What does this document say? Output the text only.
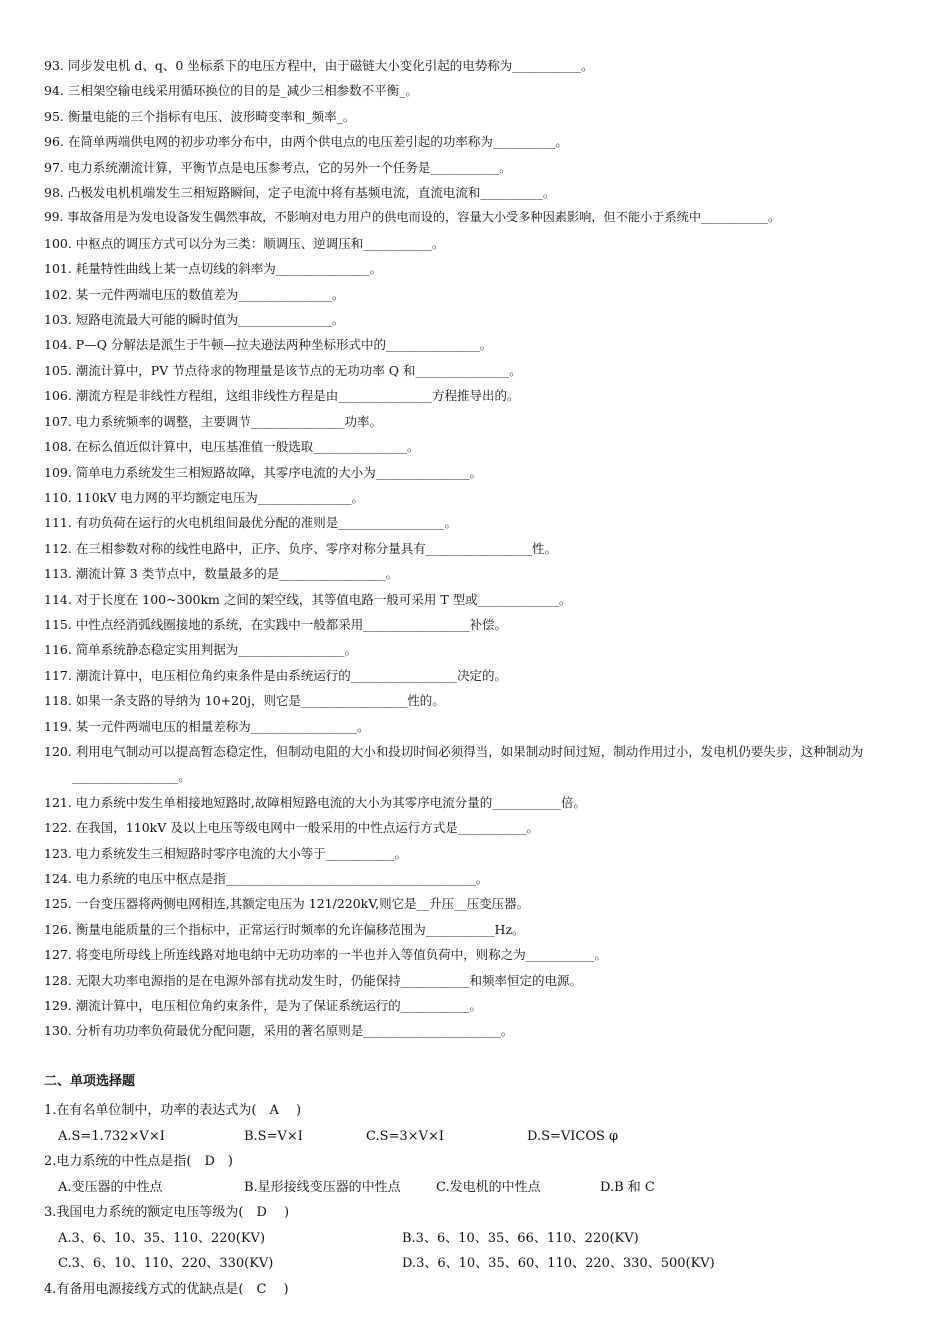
93. 同步发电机 d、q、0 坐标系下的电压方程中，由于磁链大小变化引起的电势称为___________。
94. 三相架空输电线采用循环换位的目的是_减少三相参数不平衡_。
95. 衡量电能的三个指标有电压、波形畸变率和_频率_。
96. 在简单两端供电网的初步功率分布中，由两个供电点的电压差引起的功率称为__________。
97. 电力系统潮流计算，平衡节点是电压参考点，它的另外一个任务是___________。
98. 凸极发电机机端发生三相短路瞬间，定子电流中将有基频电流，直流电流和__________。
99. 事故备用是为发电设备发生偶然事故，不影响对电力用户的供电而设的，容量大小受多种因素影响，但不能小于系统中___________。
100. 中枢点的调压方式可以分为三类：顺调压、逆调压和___________。
101. 耗量特性曲线上某一点切线的斜率为_______________。
102. 某一元件两端电压的数值差为_______________。
103. 短路电流最大可能的瞬时值为_______________。
104. P—Q 分解法是派生于牛顿—拉夫逊法两种坐标形式中的_______________。
105. 潮流计算中，PV 节点待求的物理量是该节点的无功功率 Q 和_______________。
106. 潮流方程是非线性方程组，这组非线性方程是由_______________方程推导出的。
107. 电力系统频率的调整，主要调节_______________功率。
108. 在标么值近似计算中，电压基准值一般选取_______________。
109. 简单电力系统发生三相短路故障，其零序电流的大小为_______________。
110. 110kV 电力网的平均额定电压为_______________。
111. 有功负荷在运行的火电机组间最优分配的准则是_________________。
112. 在三相参数对称的线性电路中，正序、负序、零序对称分量具有_________________性。
113. 潮流计算 3 类节点中，数量最多的是_________________。
114. 对于长度在 100~300km 之间的架空线，其等值电路一般可采用 T 型或_____________。
115. 中性点经消弧线圈接地的系统，在实践中一般都采用_________________补偿。
116. 简单系统静态稳定实用判据为_________________。
117. 潮流计算中，电压相位角约束条件是由系统运行的_________________决定的。
118. 如果一条支路的导纳为 10+20j，则它是_________________性的。
119. 某一元件两端电压的相量差称为_________________。
120. 利用电气制动可以提高暂态稳定性，但制动电阻的大小和投切时间必须得当，如果制动时间过短，制动作用过小，发电机仍要失步，这种制动为_________________。
121. 电力系统中发生单相接地短路时,故障相短路电流的大小为其零序电流分量的___________倍。
122. 在我国，110kV 及以上电压等级电网中一般采用的中性点运行方式是___________。
123. 电力系统发生三相短路时零序电流的大小等于___________。
124. 电力系统的电压中枢点是指________________________________________。
125. 一台变压器将两侧电网相连,其额定电压为 121/220kV,则它是__升压__压变压器。
126. 衡量电能质量的三个指标中，正常运行时频率的允许偏移范围为___________Hz。
127. 将变电所母线上所连线路对地电纳中无功功率的一半也并入等值负荷中，则称之为___________。
128. 无限大功率电源指的是在电源外部有扰动发生时，仍能保持___________和频率恒定的电源。
129. 潮流计算中，电压相位角约束条件，是为了保证系统运行的___________。
130. 分析有功功率负荷最优分配问题，采用的著名原则是______________________。
二、单项选择题
1.在有名单位制中，功率的表达式为(　A　 )
A.S=1.732×V×I	B.S=V×I	C.S=3×V×I	D.S=VICOS φ
2.电力系统的中性点是指(　D　)
A.变压器的中性点	B.星形接线变压器的中性点	C.发电机的中性点	D.B 和 C
3.我国电力系统的额定电压等级为(　D　 )
A.3、6、10、35、110、220(KV)	B.3、6、10、35、66、110、220(KV)
C.3、6、10、110、220、330(KV)	D.3、6、10、35、60、110、220、330、500(KV)
4.有备用电源接线方式的优缺点是(　C　 )
